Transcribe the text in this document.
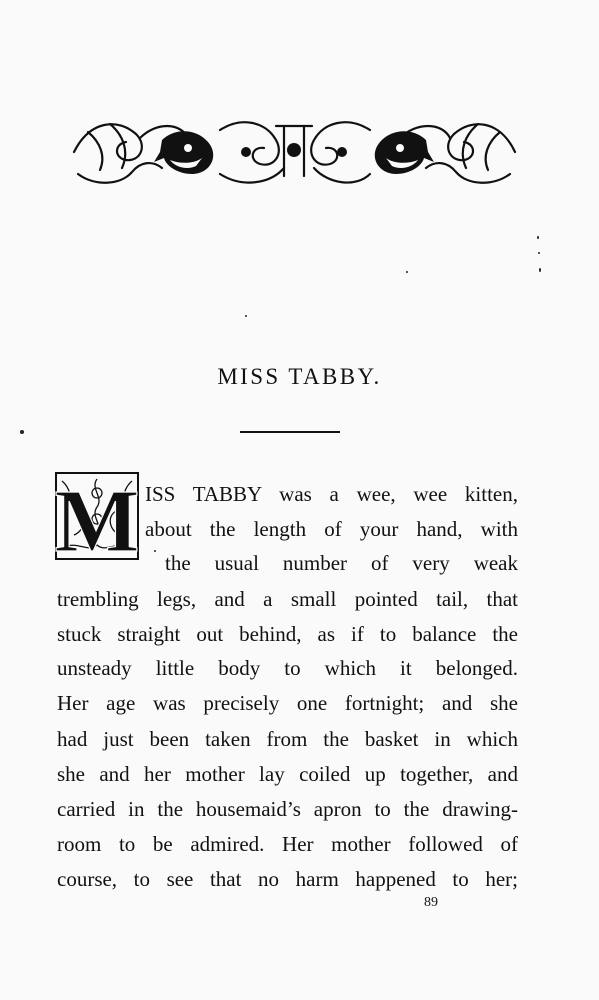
MISS TABBY.
M ISS TABBY was a wee, wee kitten,
about the length of your hand, with
the usual number of very weak
trembling legs, and a small pointed tail, that
stuck straight out behind, as if to balance the
unsteady little body to which it belonged.
Her age was precisely one fortnight; and she
had just been taken from the basket in which
she and her mother lay coiled up together, and
carried in the housemaid’s apron to the drawing-
room to be admired. Her mother followed of
course, to see that no harm happened to her;
89
